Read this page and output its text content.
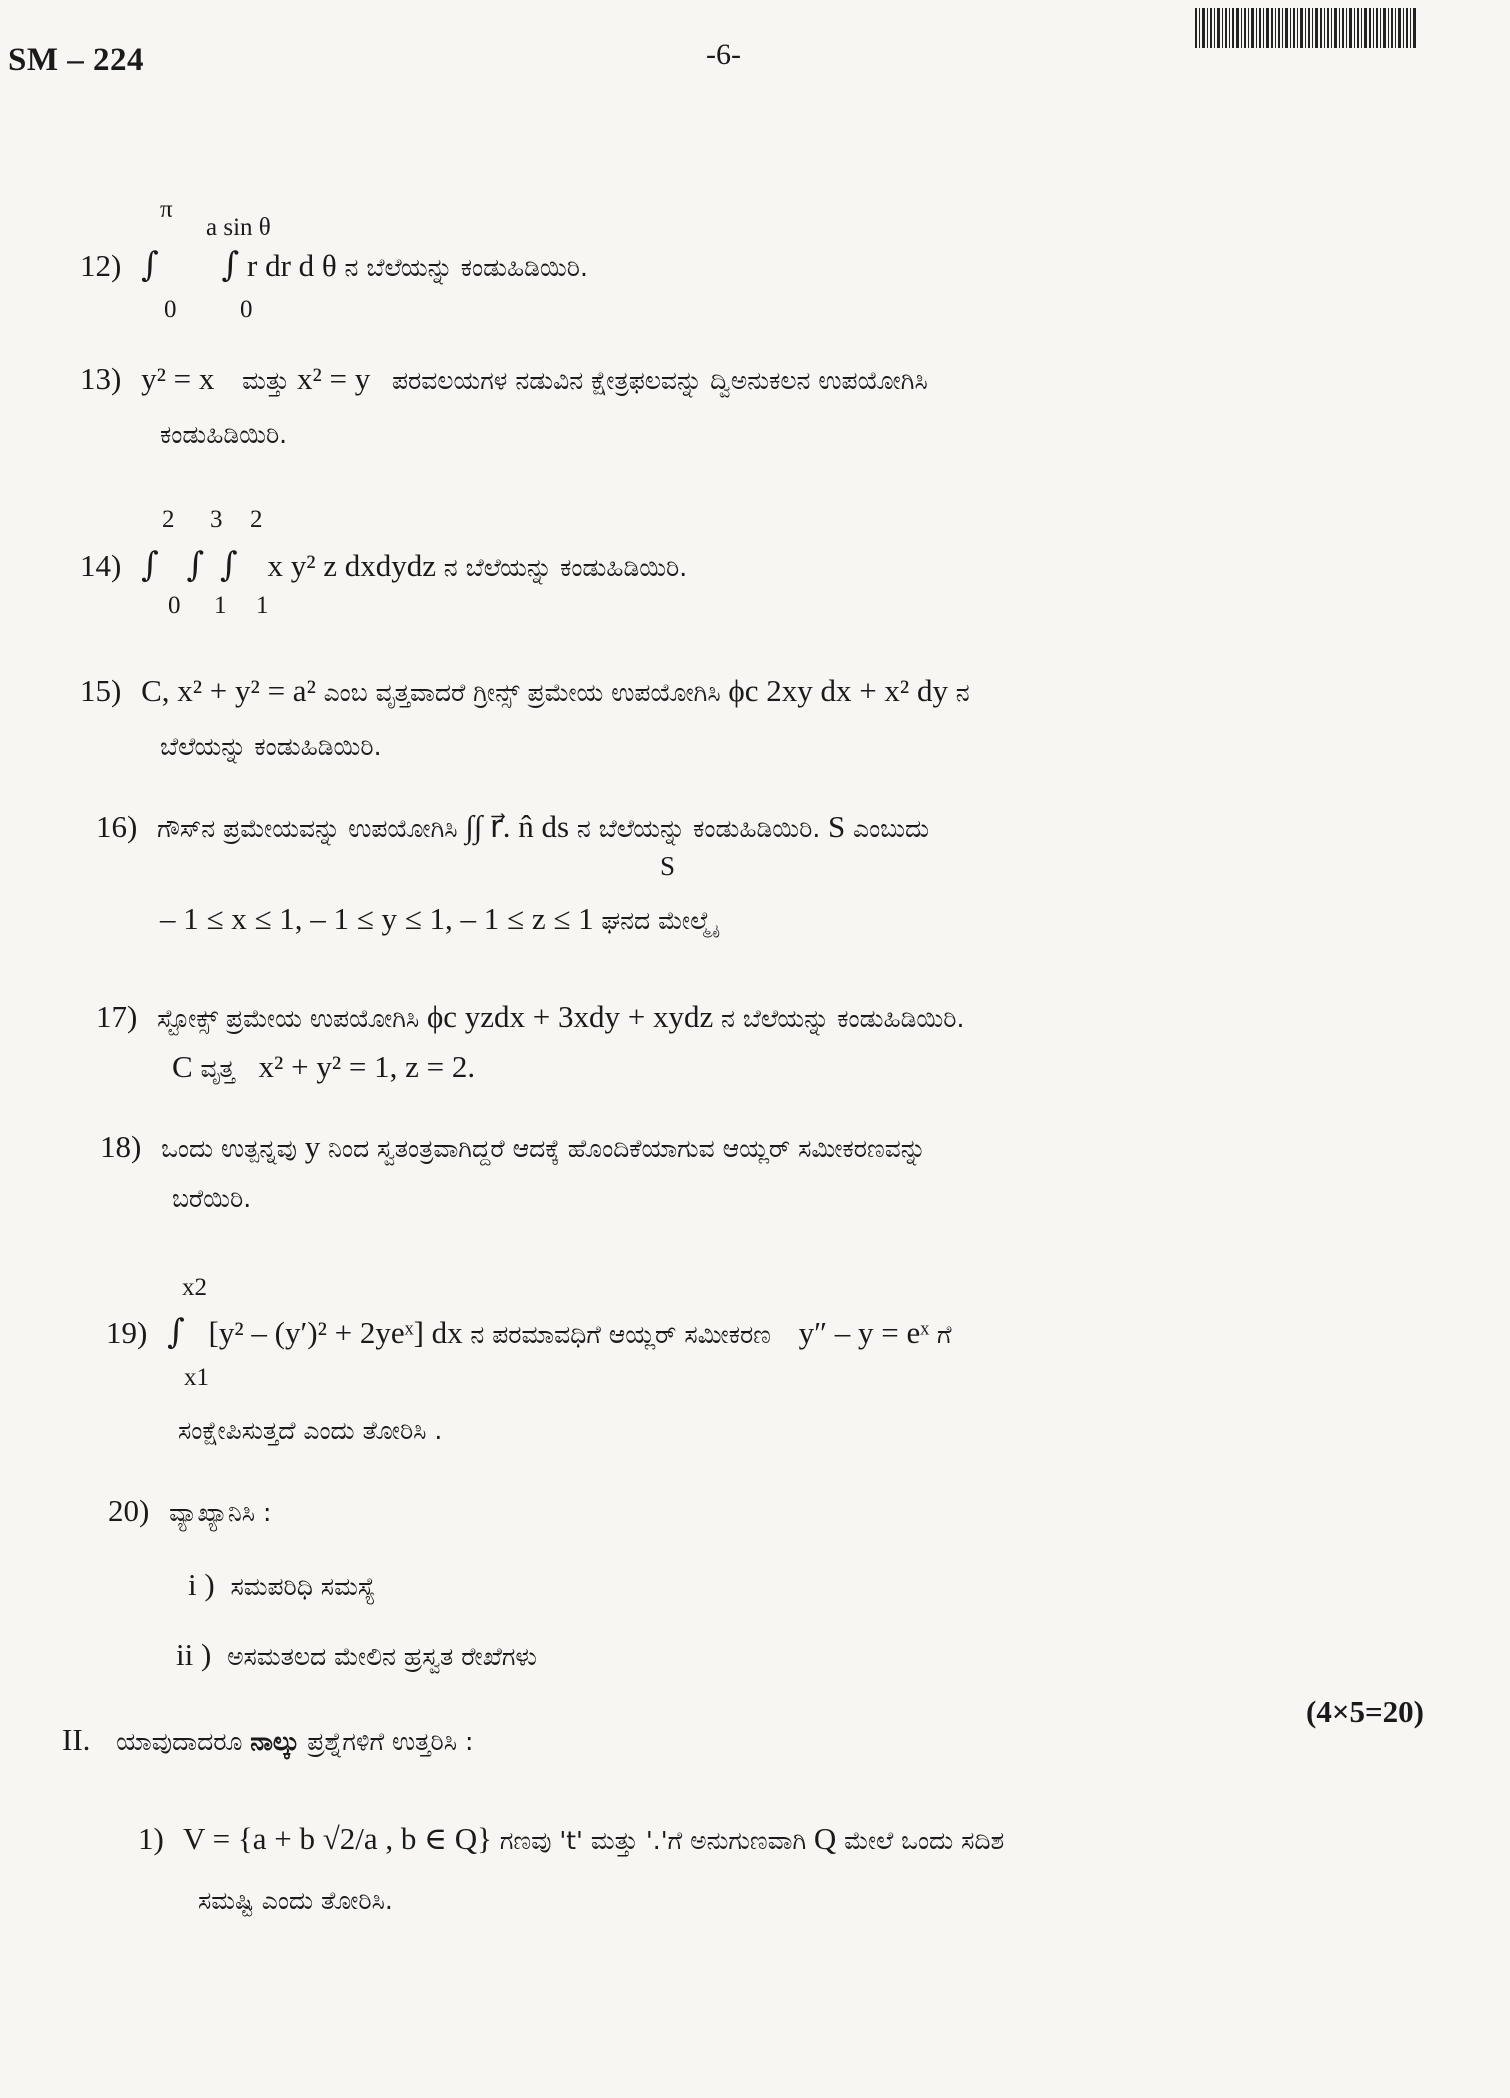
SM – 224	-6-
π
a sin θ
12) ∫ ∫ r dr d θ ನ ಬೆಲೆಯನ್ನು ಕಂಡುಹಿಡಿಯಿರಿ.
0	0
13) y² = x ಮತ್ತು x² = y ಪರವಲಯಗಳ ನಡುವಿನ ಕ್ಷೇತ್ರಫಲವನ್ನು ದ್ವಿಅನುಕಲನ ಉಪಯೋಗಿಸಿ
ಕಂಡುಹಿಡಿಯಿರಿ.
2 3 2
14) ∫ ∫ ∫ x y² z dxdydz ನ ಬೆಲೆಯನ್ನು ಕಂಡುಹಿಡಿಯಿರಿ.
0 1 1
15) C, x² + y² = a² ಎಂಬ ವೃತ್ತವಾದರೆ ಗ್ರೀನ್ಸ್ ಪ್ರಮೇಯ ಉಪಯೋಗಿಸಿ ϕc 2xy dx + x² dy ನ
ಬೆಲೆಯನ್ನು ಕಂಡುಹಿಡಿಯಿರಿ.
16) ಗೌಸ್‌ನ ಪ್ರಮೇಯವನ್ನು ಉಪಯೋಗಿಸಿ ∫∫ r⃗. n̂ ds ನ ಬೆಲೆಯನ್ನು ಕಂಡುಹಿಡಿಯಿರಿ. S ಎಂಬುದು
S
– 1 ≤ x ≤ 1, – 1 ≤ y ≤ 1, – 1 ≤ z ≤ 1 ಘನದ ಮೇಲ್ಮೈ
17) ಸ್ಟೋಕ್ಸ್ ಪ್ರಮೇಯ ಉಪಯೋಗಿಸಿ ϕc yzdx + 3xdy + xydz ನ ಬೆಲೆಯನ್ನು ಕಂಡುಹಿಡಿಯಿರಿ.
C ವೃತ್ತ x² + y² = 1, z = 2.
18) ಒಂದು ಉತ್ಪನ್ನವು y ನಿಂದ ಸ್ವತಂತ್ರವಾಗಿದ್ದರೆ ಆದಕ್ಕೆ ಹೊಂದಿಕೆಯಾಗುವ ಆಯ್ಲರ್ ಸಮೀಕರಣವನ್ನು
ಬರೆಯಿರಿ.
x2
19) ∫ [y² – (y′)² + 2yeˣ] dx ನ ಪರಮಾವಧಿಗೆ ಆಯ್ಲರ್ ಸಮೀಕರಣ y″ – y = eˣ ಗೆ
x1
ಸಂಕ್ಷೇಪಿಸುತ್ತದೆ ಎಂದು ತೋರಿಸಿ .
20) ವ್ಯಾಖ್ಯಾನಿಸಿ :
i ) ಸಮಪರಿಧಿ ಸಮಸ್ಯೆ
ii ) ಅಸಮತಲದ ಮೇಲಿನ ಹ್ರಸ್ವತ ರೇಖೆಗಳು
(4×5=20)
II. ಯಾವುದಾದರೂ ನಾಲ್ಕು ಪ್ರಶ್ನೆಗಳಿಗೆ ಉತ್ತರಿಸಿ :
1) V = {a + b √2/a , b ∈ Q} ಗಣವು 't' ಮತ್ತು '.'ಗೆ ಅನುಗುಣವಾಗಿ Q ಮೇಲೆ ಒಂದು ಸದಿಶ
ಸಮಷ್ಟಿ ಎಂದು ತೋರಿಸಿ.
